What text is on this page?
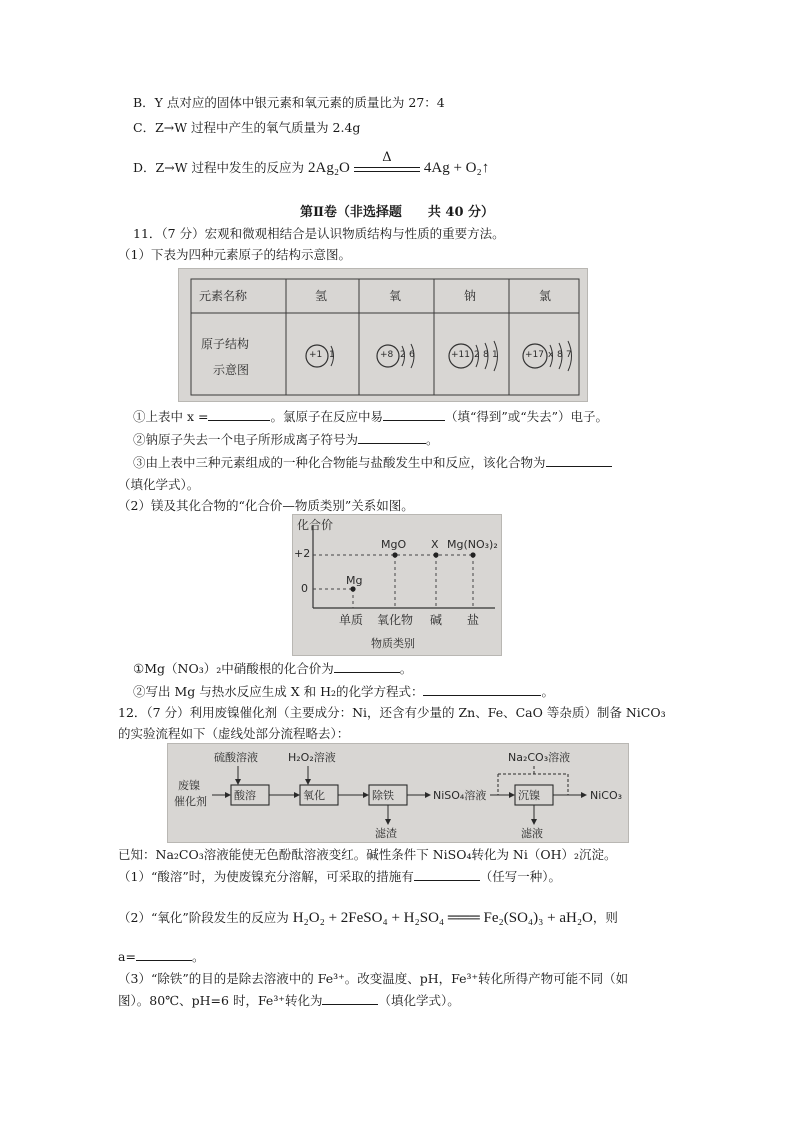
B．Y 点对应的固体中银元素和氧元素的质量比为 27：4
C．Z→W 过程中产生的氧气质量为 2.4g
D．Z→W 过程中发生的反应为 2Ag₂O
Δ
4Ag + O₂↑
第Ⅱ卷（非选择题　　共 40 分）
11．（7 分）宏观和微观相结合是认识物质结构与性质的重要方法。
（1）下表为四种元素原子的结构示意图。
元素名称	氢	氧	钠	氯
原子结构
示意图
+1	+8	+11	+17
1	2 6	2 8 1	x 8 7
①上表中 x =	。氯原子在反应中易	（填“得到”或“失去”）电子。
②钠原子失去一个电子所形成离子符号为	。
③由上表中三种元素组成的一种化合物能与盐酸发生中和反应，该化合物为
（填化学式）。
（2）镁及其化合物的“化合价—物质类别”关系如图。
化合价
+2
0
Mg
MgO X Mg(NO₃)₂
单质 氧化物 碱 盐
物质类别
①Mg（NO₃）₂中硝酸根的化合价为	。
②写出 Mg 与热水反应生成 X 和 H₂的化学方程式：	。
12．（7 分）利用废镍催化剂（主要成分：Ni，还含有少量的 Zn、Fe、CaO 等杂质）制备 NiCO₃
的实验流程如下（虚线处部分流程略去）：
废镍
催化剂 酸溶	氧化	除铁	沉镍
硫酸溶液	H₂O₂溶液	Na₂CO₃溶液
NiSO₄溶液	NiCO₃
滤渣	滤液
已知：Na₂CO₃溶液能使无色酚酞溶液变红。碱性条件下 NiSO₄转化为 Ni（OH）₂沉淀。
（1）“酸溶”时，为使废镍充分溶解，可采取的措施有	（任写一种）。
（2）“氧化”阶段发生的反应为 H₂O₂ + 2FeSO₄ + H₂SO₄ ═══ Fe₂(SO₄)₃ + aH₂O，则
a=	。
（3）“除铁”的目的是除去溶液中的 Fe³⁺。改变温度、pH，Fe³⁺转化所得产物可能不同（如
图）。80℃、pH=6 时，Fe³⁺转化为	（填化学式）。
